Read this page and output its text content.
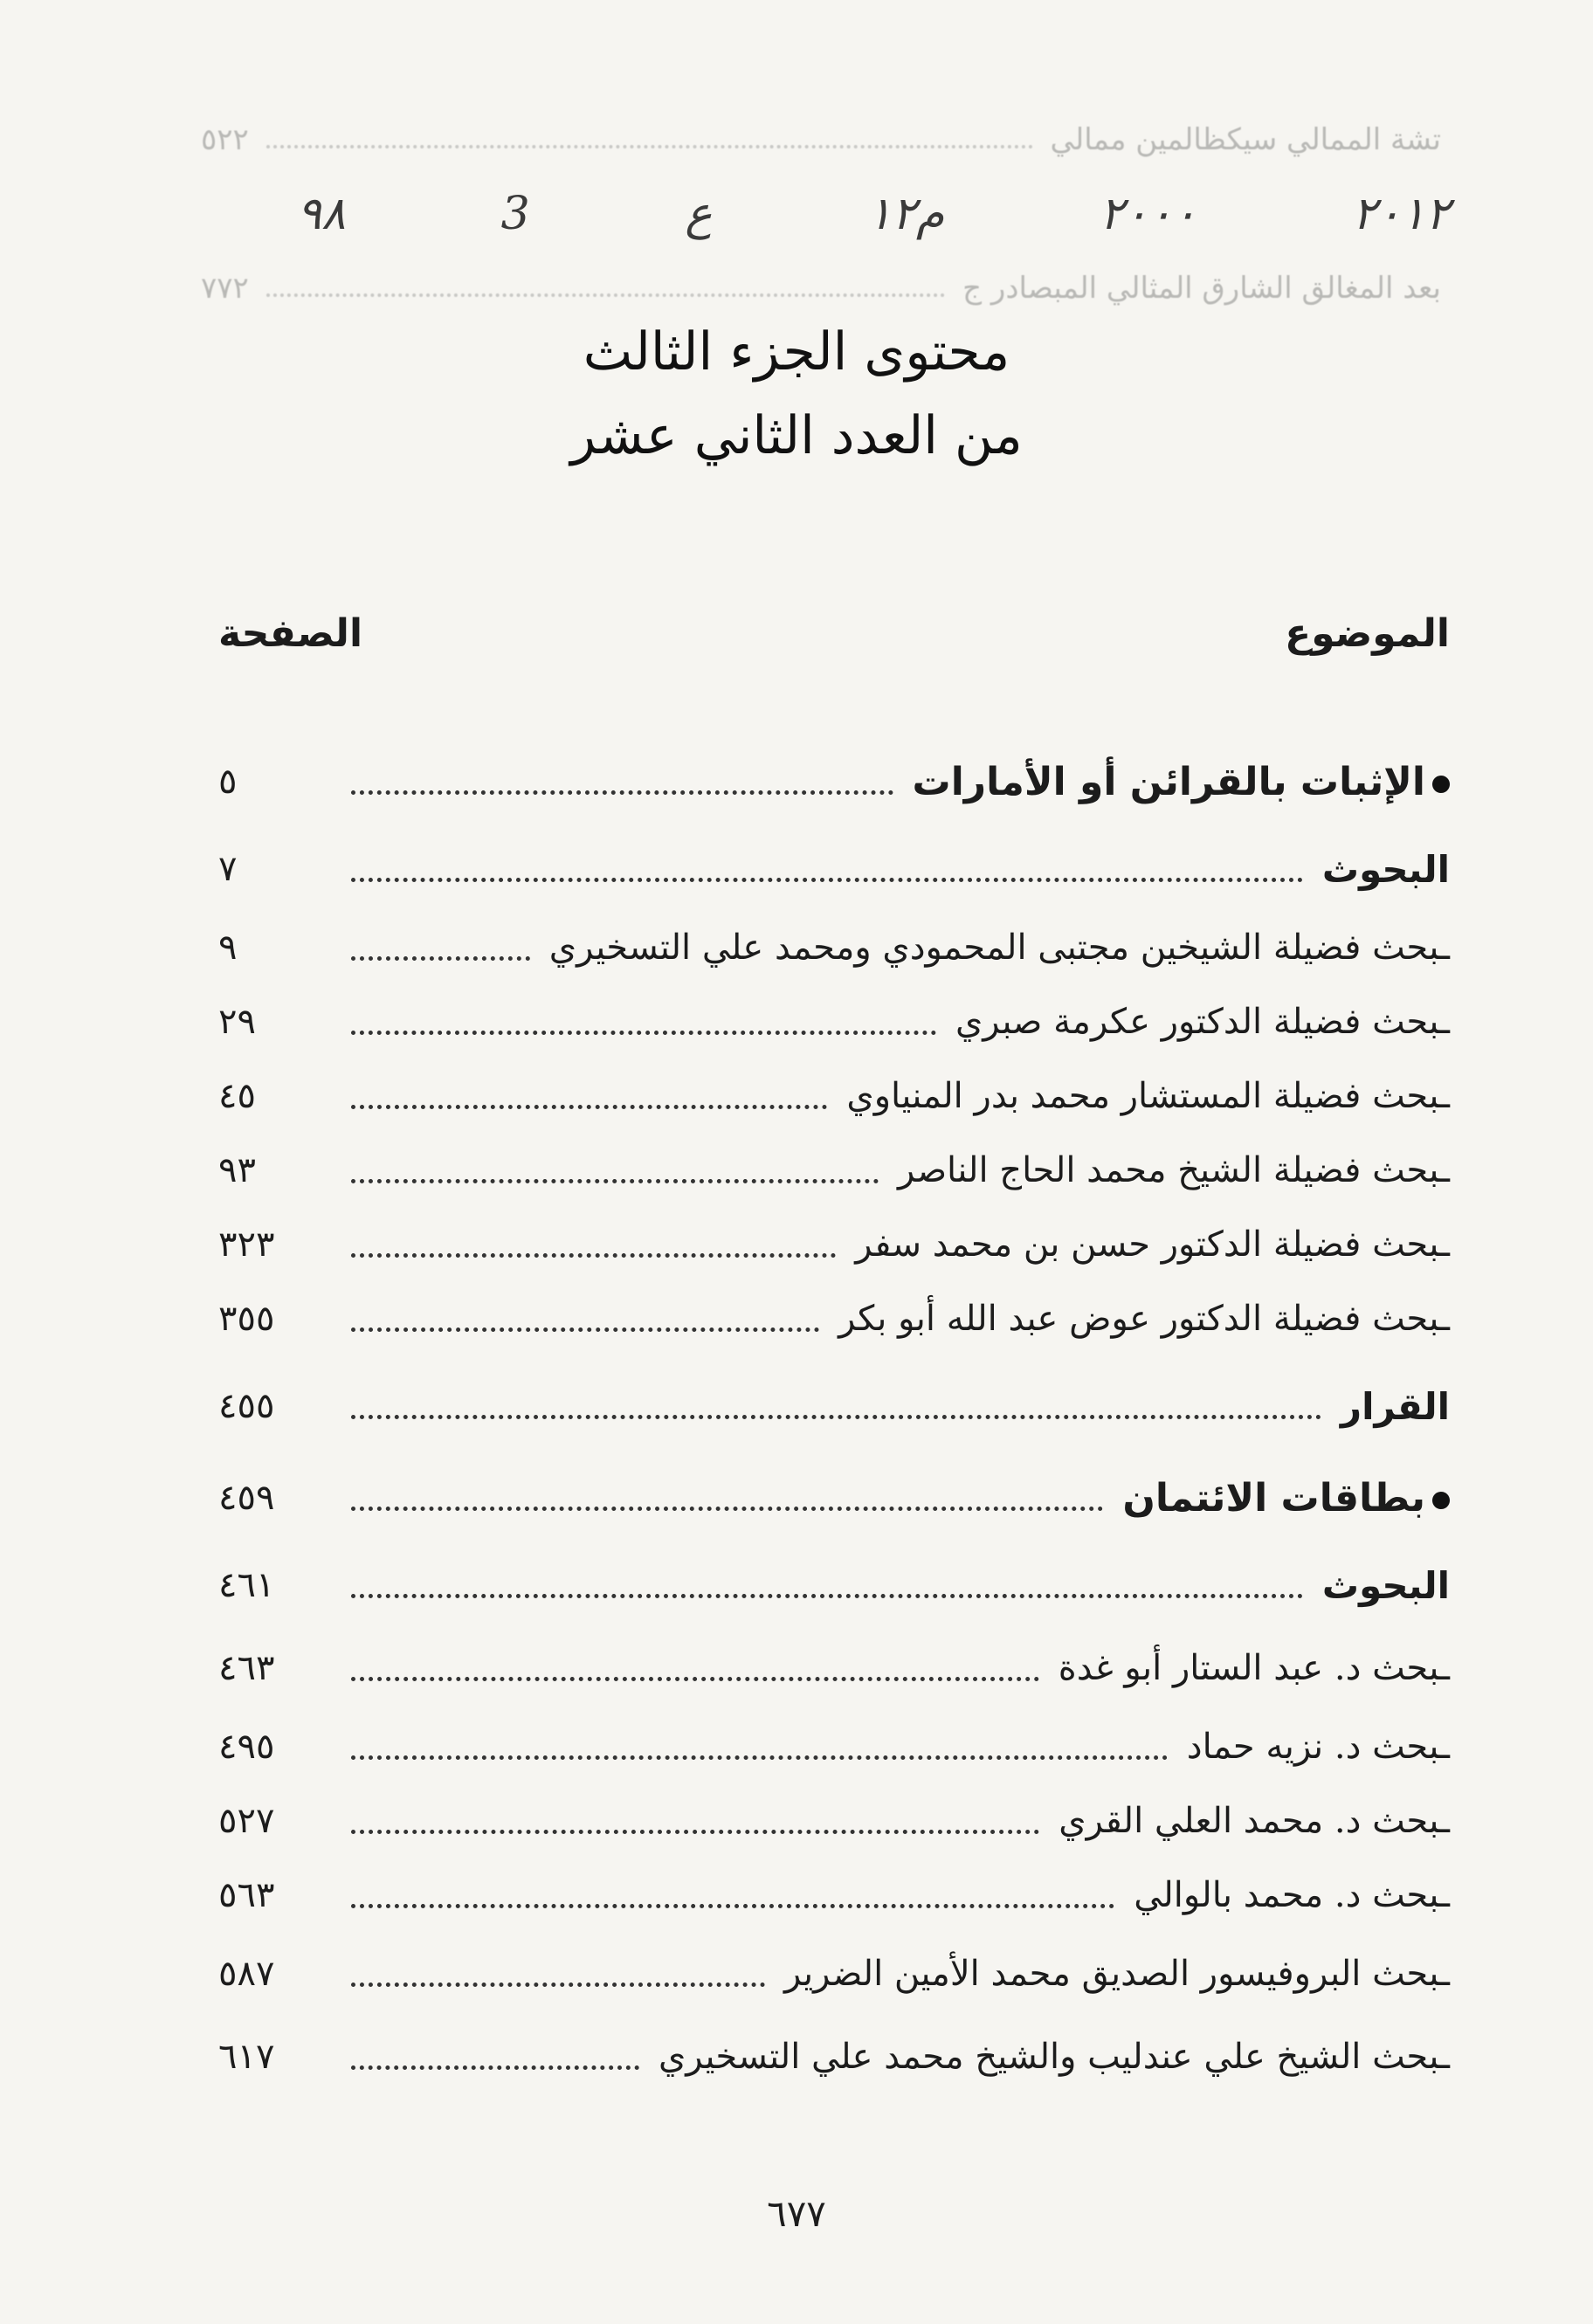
تشة الممالي سيكظالمين ممالي
٥٢٢
بعد المغالق الشارق المثالي المبصادر ج
٧٧٢
٢٠١٢
٢٠٠٠
م١٢
ع
3
٩٨
محتوى الجزء الثالث
من العدد الثاني عشر
الموضوع
الصفحة
الإثبات بالقرائن أو الأمارات
٥
البحوث
٧
ـبحث فضيلة الشيخين مجتبى المحمودي ومحمد علي التسخيري
٩
ـبحث فضيلة الدكتور عكرمة صبري
٢٩
ـبحث فضيلة المستشار محمد بدر المنياوي
٤٥
ـبحث فضيلة الشيخ محمد الحاج الناصر
٩٣
ـبحث فضيلة الدكتور حسن بن محمد سفر
٣٢٣
ـبحث فضيلة الدكتور عوض عبد الله أبو بكر
٣٥٥
القرار
٤٥٥
بطاقات الائتمان
٤٥٩
البحوث
٤٦١
ـبحث د. عبد الستار أبو غدة
٤٦٣
ـبحث د. نزيه حماد
٤٩٥
ـبحث د. محمد العلي القري
٥٢٧
ـبحث د. محمد بالوالي
٥٦٣
ـبحث البروفيسور الصديق محمد الأمين الضرير
٥٨٧
ـبحث الشيخ علي عندليب والشيخ محمد علي التسخيري
٦١٧
٦٧٧
